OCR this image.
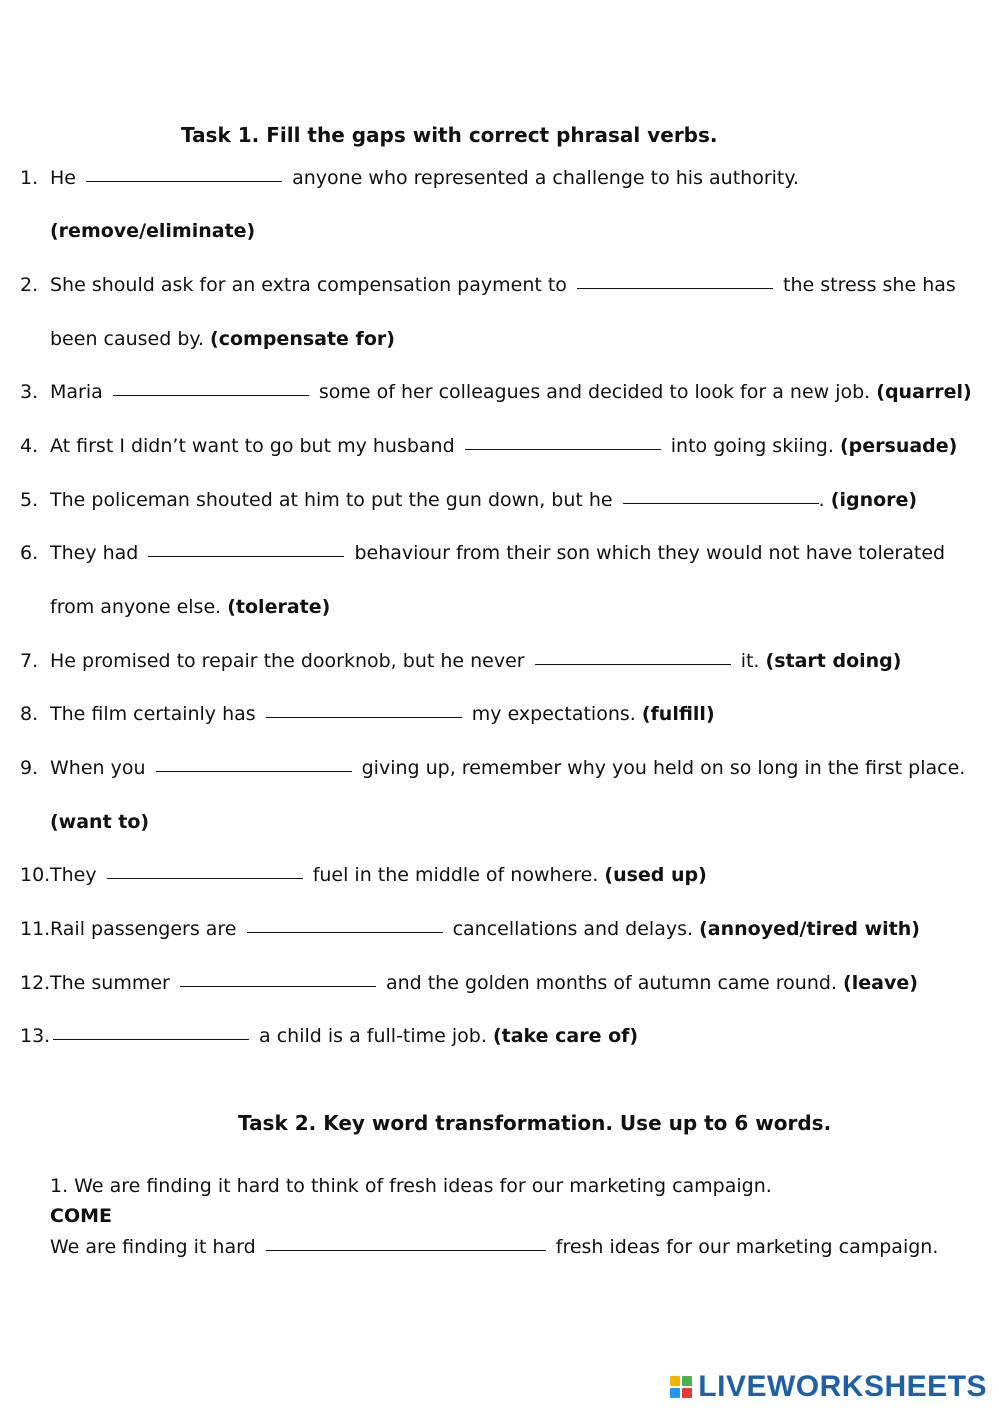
Task 1. Fill the gaps with correct phrasal verbs.
1. He	anyone who represented a challenge to his authority.
(remove/eliminate)
2. She should ask for an extra compensation payment to	the stress she has
been caused by. (compensate for)
3. Maria	some of her colleagues and decided to look for a new job. (quarrel)
4. At first I didn’t want to go but my husband	into going skiing. (persuade)
5. The policeman shouted at him to put the gun down, but he	. (ignore)
6. They had	behaviour from their son which they would not have tolerated
from anyone else. (tolerate)
7. He promised to repair the doorknob, but he never	it. (start doing)
8. The film certainly has	my expectations. (fulfill)
9. When you	giving up, remember why you held on so long in the first place.
(want to)
10. They	fuel in the middle of nowhere. (used up)
11. Rail passengers are	cancellations and delays. (annoyed/tired with)
12. The summer	and the golden months of autumn came round. (leave)
13.	a child is a full-time job. (take care of)
Task 2. Key word transformation. Use up to 6 words.
1. We are finding it hard to think of fresh ideas for our marketing campaign.
COME
We are finding it hard	fresh ideas for our marketing campaign.
LIVEWORKSHEETS
